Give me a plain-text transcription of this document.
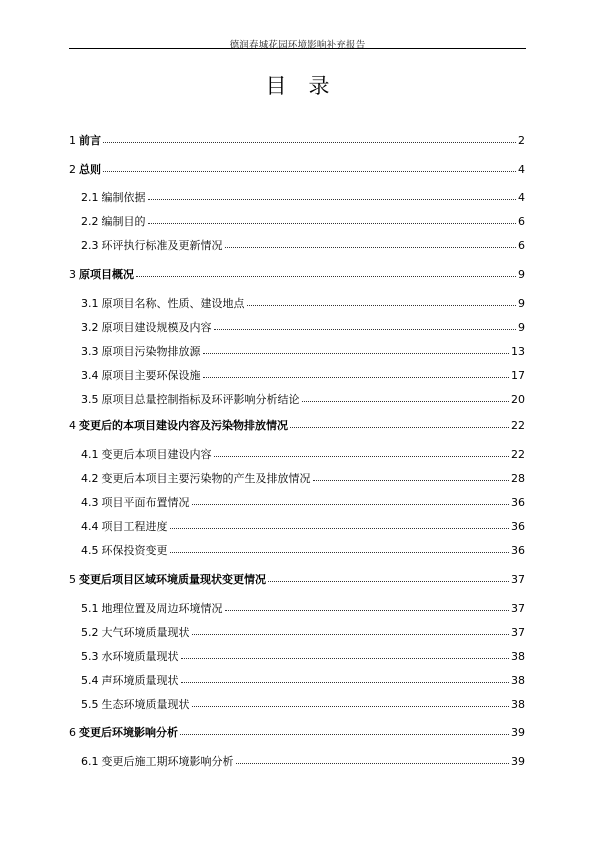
德润春城花园环境影响补充报告
目录
1 前言	2
2 总则	4
2.1 编制依据	4
2.2 编制目的	6
2.3 环评执行标准及更新情况	6
3 原项目概况	9
3.1 原项目名称、性质、建设地点	9
3.2 原项目建设规模及内容	9
3.3 原项目污染物排放源	13
3.4 原项目主要环保设施	17
3.5 原项目总量控制指标及环评影响分析结论	20
4 变更后的本项目建设内容及污染物排放情况	22
4.1 变更后本项目建设内容	22
4.2 变更后本项目主要污染物的产生及排放情况	28
4.3 项目平面布置情况	36
4.4 项目工程进度	36
4.5 环保投资变更	36
5 变更后项目区域环境质量现状变更情况	37
5.1 地理位置及周边环境情况	37
5.2 大气环境质量现状	37
5.3 水环境质量现状	38
5.4 声环境质量现状	38
5.5 生态环境质量现状	38
6 变更后环境影响分析	39
6.1 变更后施工期环境影响分析	39
